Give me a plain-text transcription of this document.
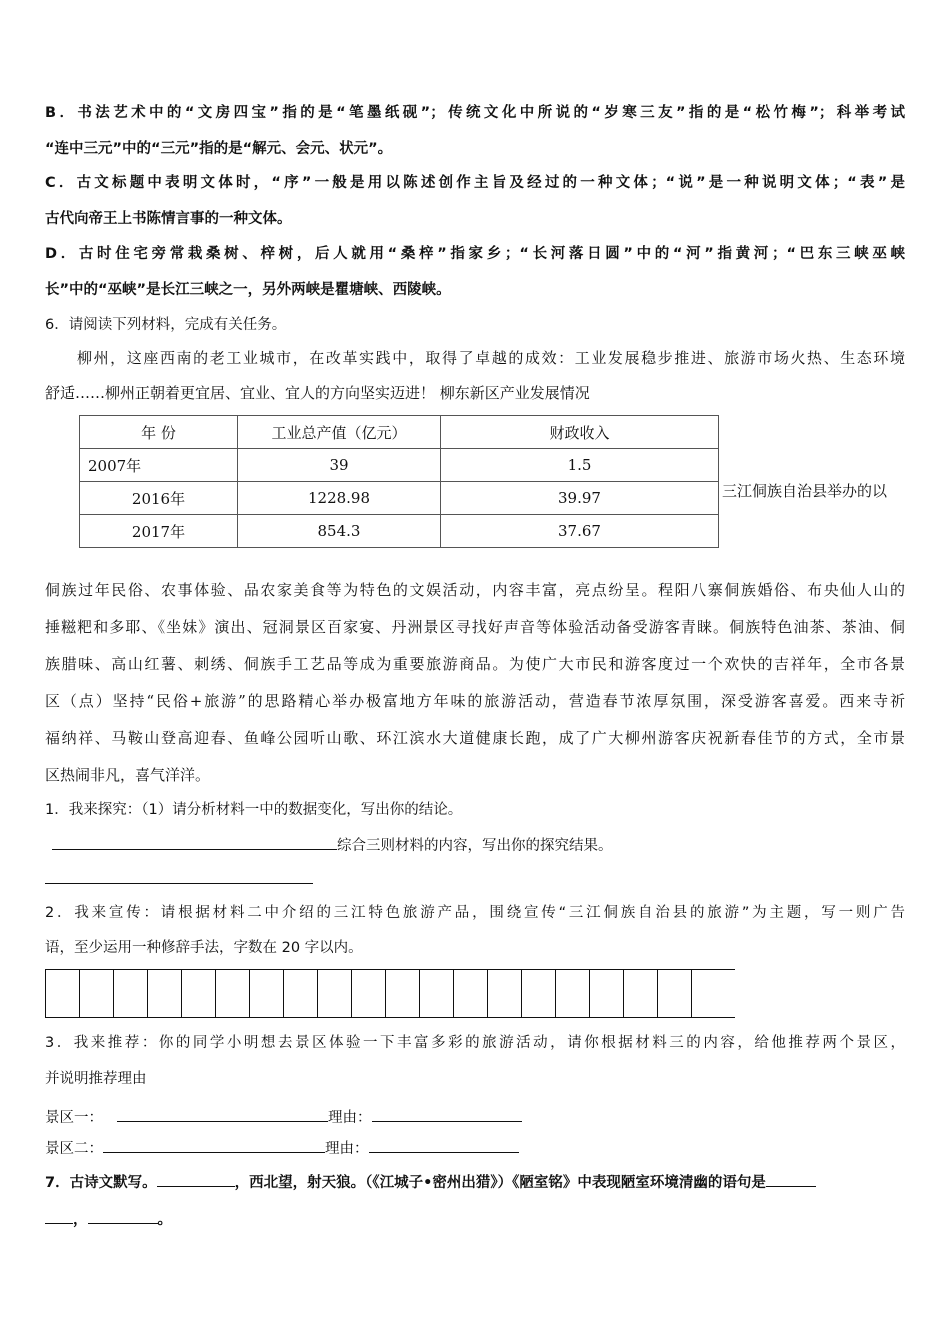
B．书法艺术中的“文房四宝”指的是“笔墨纸砚”；传统文化中所说的“岁寒三友”指的是“松竹梅”；科举考试
“连中三元”中的“三元”指的是“解元、会元、状元”。
C．古文标题中表明文体时，“序”一般是用以陈述创作主旨及经过的一种文体；“说”是一种说明文体；“表”是
古代向帝王上书陈情言事的一种文体。
D．古时住宅旁常栽桑树、梓树，后人就用“桑梓”指家乡；“长河落日圆”中的“河”指黄河；“巴东三峡巫峡
长”中的“巫峡”是长江三峡之一，另外两峡是瞿塘峡、西陵峡。
6．请阅读下列材料，完成有关任务。
柳州，这座西南的老工业城市，在改革实践中，取得了卓越的成效：工业发展稳步推进、旅游市场火热、生态环境
舒适……柳州正朝着更宜居、宜业、宜人的方向坚实迈进！ 柳东新区产业发展情况
年 份	工业总产值（亿元）	财政收入
2007年	39	1.5
2016年	1228.98	39.97
2017年	854.3	37.67
三江侗族自治县举办的以
侗族过年民俗、农事体验、品农家美食等为特色的文娱活动，内容丰富，亮点纷呈。程阳八寨侗族婚俗、布央仙人山的
捶糍粑和多耶、《坐妹》演出、冠洞景区百家宴、丹洲景区寻找好声音等体验活动备受游客青睐。侗族特色油茶、茶油、侗
族腊味、高山红薯、刺绣、侗族手工艺品等成为重要旅游商品。为使广大市民和游客度过一个欢快的吉祥年，全市各景
区（点）坚持“民俗+旅游”的思路精心举办极富地方年味的旅游活动，营造春节浓厚氛围，深受游客喜爱。西来寺祈
福纳祥、马鞍山登高迎春、鱼峰公园听山歌、环江滨水大道健康长跑，成了广大柳州游客庆祝新春佳节的方式，全市景
区热闹非凡，喜气洋洋。
1．我来探究：（1）请分析材料一中的数据变化，写出你的结论。
综合三则材料的内容，写出你的探究结果。
2．我来宣传：请根据材料二中介绍的三江特色旅游产品，围绕宣传“三江侗族自治县的旅游”为主题，写一则广告
语，至少运用一种修辞手法，字数在 20 字以内。
3．我来推荐：你的同学小明想去景区体验一下丰富多彩的旅游活动，请你根据材料三的内容，给他推荐两个景区，
并说明推荐理由
景区一：	理由：
景区二：	理由：
7．古诗文默写。	，西北望，射天狼。（《江城子•密州出猎》）《陋室铭》中表现陋室环境清幽的语句是
，	。
